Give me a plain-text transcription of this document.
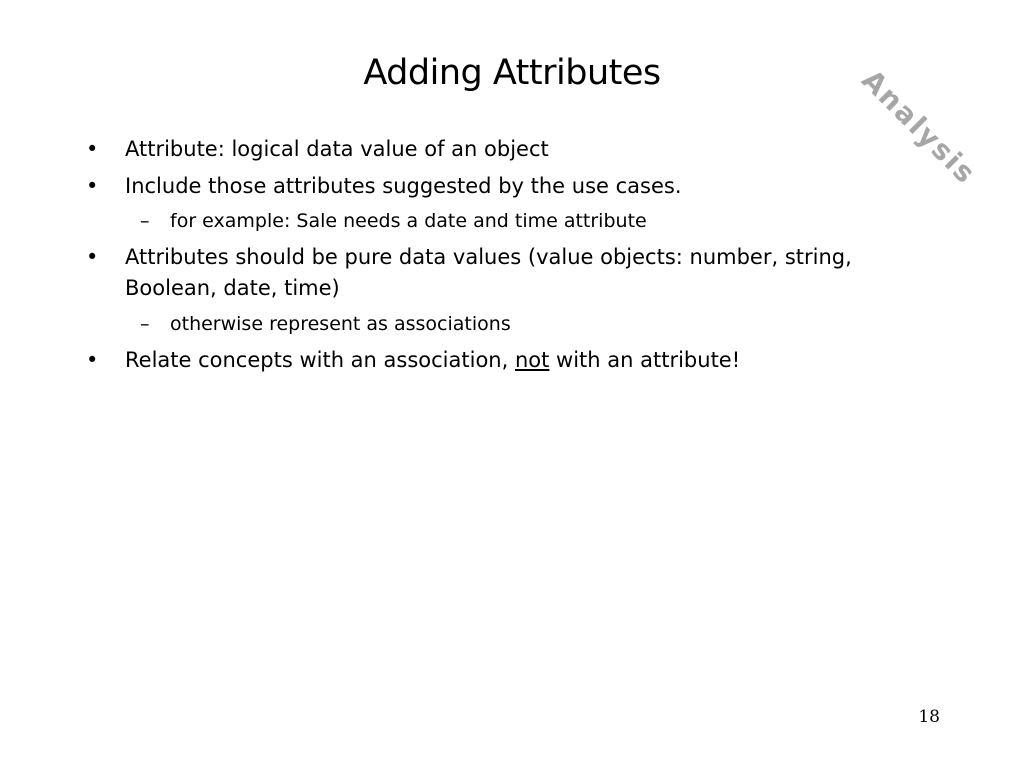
Adding Attributes	Analysis
• Attribute: logical data value of an object
• Include those attributes suggested by the use cases.
– for example: Sale needs a date and time attribute
• Attributes should be pure data values (value objects: number, string,
Boolean, date, time)
– otherwise represent as associations
• Relate concepts with an association, not with an attribute!
18
